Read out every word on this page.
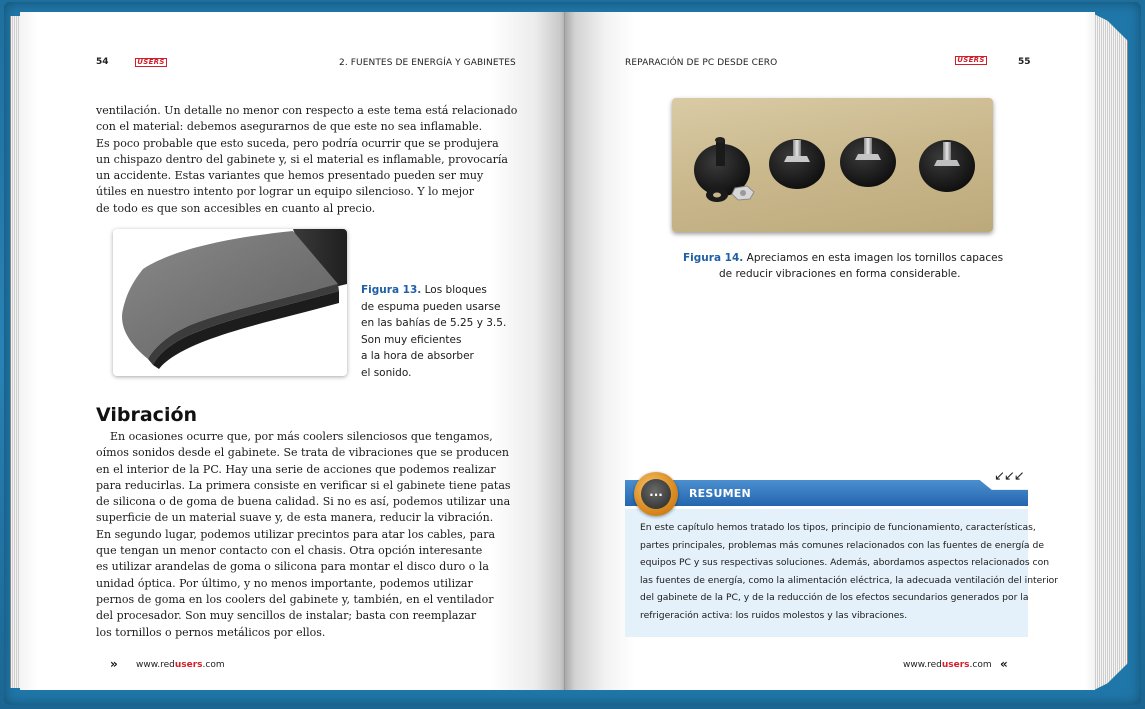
54	USERS	2. FUENTES DE ENERGÍA Y GABINETES
ventilación. Un detalle no menor con respecto a este tema está relacionado
con el material: debemos asegurarnos de que este no sea inflamable.
Es poco probable que esto suceda, pero podría ocurrir que se produjera
un chispazo dentro del gabinete y, si el material es inflamable, provocaría
un accidente. Estas variantes que hemos presentado pueden ser muy
útiles en nuestro intento por lograr un equipo silencioso. Y lo mejor
de todo es que son accesibles en cuanto al precio.
Figura 13. Los bloques
de espuma pueden usarse
en las bahías de 5.25 y 3.5.
Son muy eficientes
a la hora de absorber
el sonido.
Vibración
En ocasiones ocurre que, por más coolers silenciosos que tengamos,
oímos sonidos desde el gabinete. Se trata de vibraciones que se producen
en el interior de la PC. Hay una serie de acciones que podemos realizar
para reducirlas. La primera consiste en verificar si el gabinete tiene patas
de silicona o de goma de buena calidad. Si no es así, podemos utilizar una
superficie de un material suave y, de esta manera, reducir la vibración.
En segundo lugar, podemos utilizar precintos para atar los cables, para
que tengan un menor contacto con el chasis. Otra opción interesante
es utilizar arandelas de goma o silicona para montar el disco duro o la
unidad óptica. Por último, y no menos importante, podemos utilizar
pernos de goma en los coolers del gabinete y, también, en el ventilador
del procesador. Son muy sencillos de instalar; basta con reemplazar
los tornillos o pernos metálicos por ellos.
» www.redusers.com
REPARACIÓN DE PC DESDE CERO	USERS	55
Figura 14. Apreciamos en esta imagen los tornillos capaces
de reducir vibraciones en forma considerable.
↙↙↙
RESUMEN
...
En este capítulo hemos tratado los tipos, principio de funcionamiento, características,
partes principales, problemas más comunes relacionados con las fuentes de energía de
equipos PC y sus respectivas soluciones. Además, abordamos aspectos relacionados con
las fuentes de energía, como la alimentación eléctrica, la adecuada ventilación del interior
del gabinete de la PC, y de la reducción de los efectos secundarios generados por la
refrigeración activa: los ruidos molestos y las vibraciones.
www.redusers.com «
